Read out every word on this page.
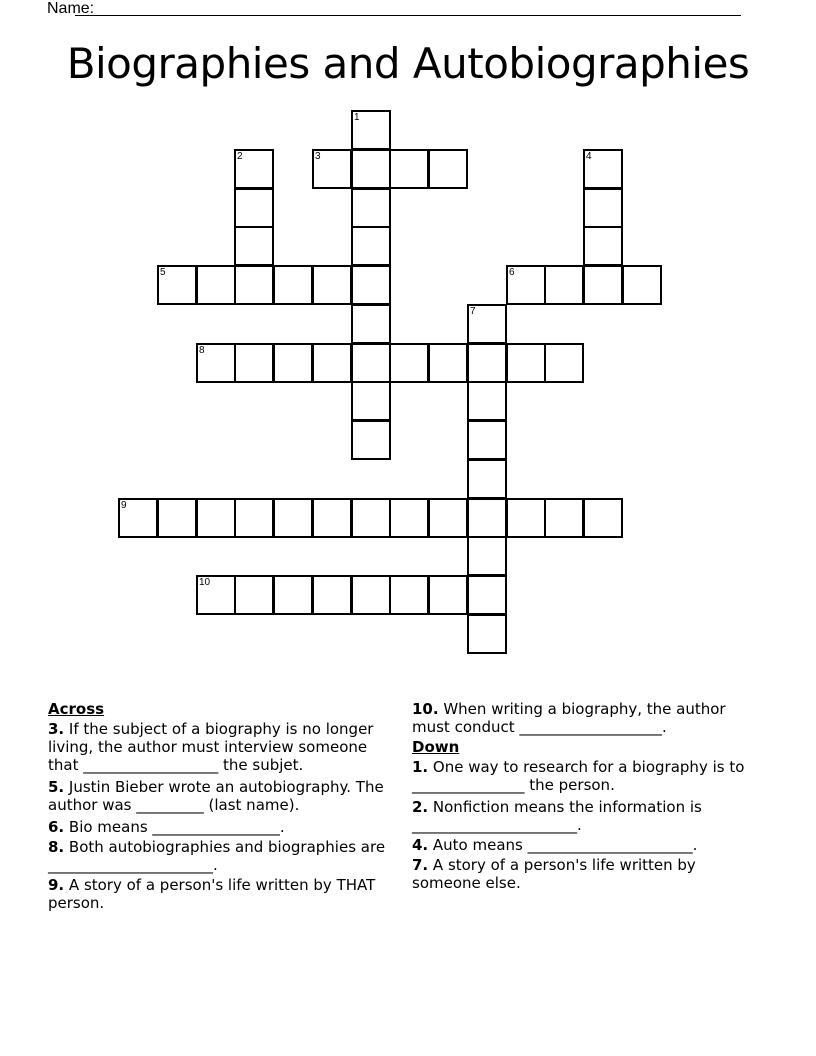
Name:
Biographies and Autobiographies
1
2	3	4
5	6
7
8
9
10
Across
3. If the subject of a biography is no longer living, the author must interview someone that __________________ the subjet.
5. Justin Bieber wrote an autobiography. The author was _________ (last name).
6. Bio means _________________.
8. Both autobiographies and biographies are ______________________.
9. A story of a person's life written by THAT person.
10. When writing a biography, the author must conduct ___________________.
Down
1. One way to research for a biography is to _______________ the person.
2. Nonfiction means the information is ______________________.
4. Auto means ______________________.
7. A story of a person's life written by someone else.
